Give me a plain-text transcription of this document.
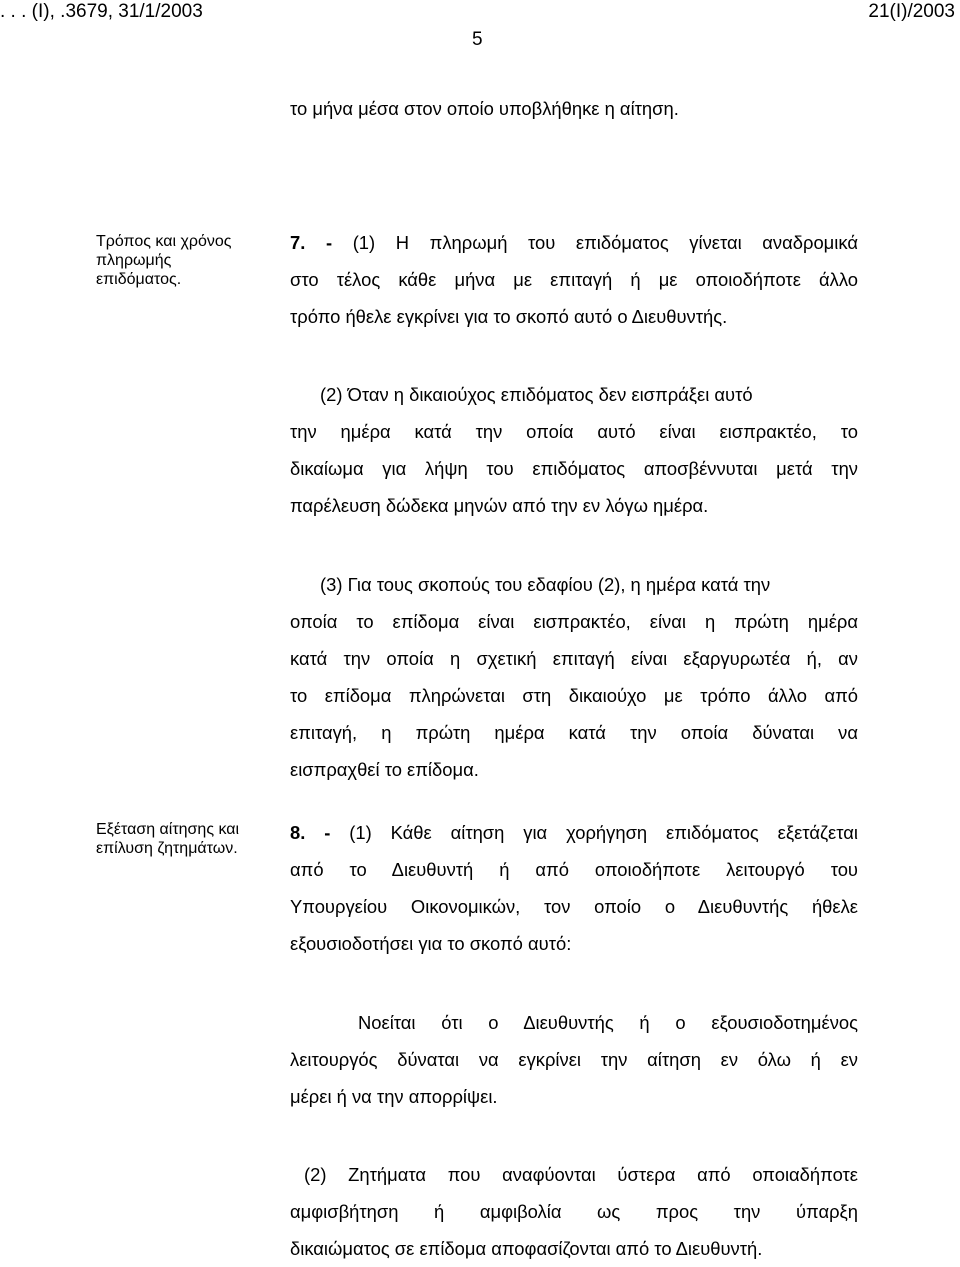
. . . (Ι), .3679, 31/1/2003	21(Ι)/2003
5
το μήνα μέσα στον οποίο υποβλήθηκε η αίτηση.
Τρόπος και χρόνος
πληρωμής
επιδόματος.
7. - (1) Η πληρωμή του επιδόματος γίνεται αναδρομικά
στο τέλος κάθε μήνα με επιταγή ή με οποιοδήποτε άλλο
τρόπο ήθελε εγκρίνει για το σκοπό αυτό ο Διευθυντής.
(2) Όταν η δικαιούχος επιδόματος δεν εισπράξει αυτό
την ημέρα κατά την οποία αυτό είναι εισπρακτέο, το
δικαίωμα για λήψη του επιδόματος αποσβέννυται μετά την
παρέλευση δώδεκα μηνών από την εν λόγω ημέρα.
(3) Για τους σκοπούς του εδαφίου (2), η ημέρα κατά την
οποία το επίδομα είναι εισπρακτέο, είναι η πρώτη ημέρα
κατά την οποία η σχετική επιταγή είναι εξαργυρωτέα ή, αν
το επίδομα πληρώνεται στη δικαιούχο με τρόπο άλλο από
επιταγή, η πρώτη ημέρα κατά την οποία δύναται να
εισπραχθεί το επίδομα.
Εξέταση αίτησης και
επίλυση ζητημάτων.
8. - (1) Κάθε αίτηση για χορήγηση επιδόματος εξετάζεται
από το Διευθυντή ή από οποιοδήποτε λειτουργό του
Υπουργείου Οικονομικών, τον οποίο ο Διευθυντής ήθελε
εξουσιοδοτήσει για το σκοπό αυτό:
Νοείται ότι ο Διευθυντής ή ο εξουσιοδοτημένος
λειτουργός δύναται να εγκρίνει την αίτηση εν όλω ή εν
μέρει ή να την απορρίψει.
(2) Ζητήματα που αναφύονται ύστερα από οποιαδήποτε
αμφισβήτηση ή αμφιβολία ως προς την ύπαρξη
δικαιώματος σε επίδομα αποφασίζονται από το Διευθυντή.
